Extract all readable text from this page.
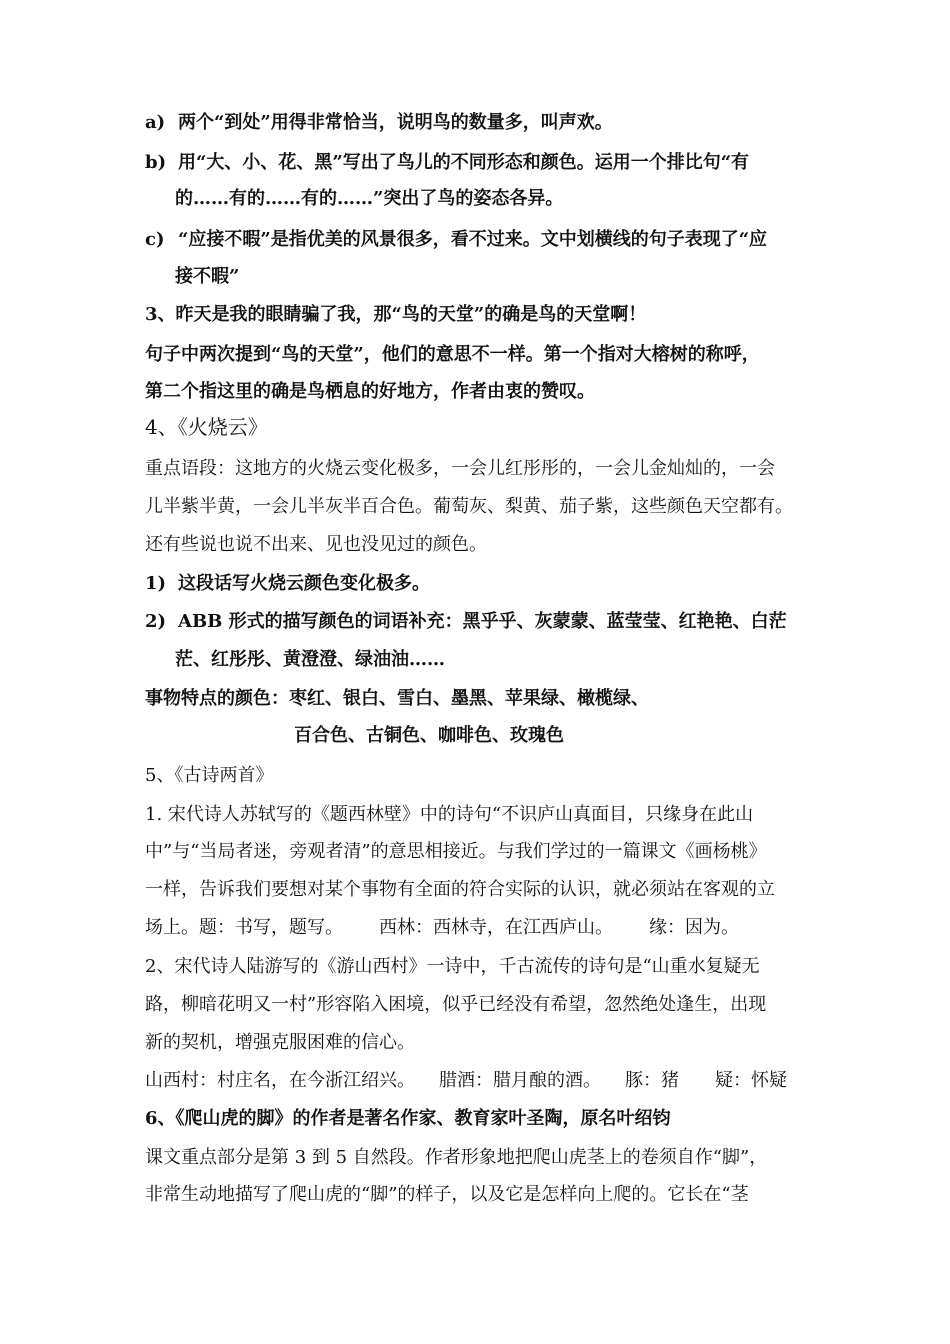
a) 两个“到处”用得非常恰当，说明鸟的数量多，叫声欢。
b) 用“大、小、花、黑”写出了鸟儿的不同形态和颜色。运用一个排比句“有
的……有的……有的……”突出了鸟的姿态各异。
c) “应接不暇”是指优美的风景很多，看不过来。文中划横线的句子表现了“应
接不暇”
3、昨天是我的眼睛骗了我，那“鸟的天堂”的确是鸟的天堂啊！
句子中两次提到“鸟的天堂”，他们的意思不一样。第一个指对大榕树的称呼，
第二个指这里的确是鸟栖息的好地方，作者由衷的赞叹。
4、《火烧云》
重点语段：这地方的火烧云变化极多，一会儿红彤彤的，一会儿金灿灿的，一会
儿半紫半黄，一会儿半灰半百合色。葡萄灰、梨黄、茄子紫，这些颜色天空都有。
还有些说也说不出来、见也没见过的颜色。
1) 这段话写火烧云颜色变化极多。
2) ABB 形式的描写颜色的词语补充：黑乎乎、灰蒙蒙、蓝莹莹、红艳艳、白茫
茫、红彤彤、黄澄澄、绿油油……
事物特点的颜色：枣红、银白、雪白、墨黑、苹果绿、橄榄绿、
百合色、古铜色、咖啡色、玫瑰色
5、《古诗两首》
1. 宋代诗人苏轼写的《题西林壁》中的诗句“不识庐山真面目，只缘身在此山
中”与“当局者迷，旁观者清”的意思相接近。与我们学过的一篇课文《画杨桃》
一样，告诉我们要想对某个事物有全面的符合实际的认识，就必须站在客观的立
场上。题：书写，题写。 西林：西林寺，在江西庐山。 缘：因为。
2、宋代诗人陆游写的《游山西村》一诗中，千古流传的诗句是“山重水复疑无
路，柳暗花明又一村”形容陷入困境，似乎已经没有希望，忽然绝处逢生，出现
新的契机，增强克服困难的信心。
山西村：村庄名，在今浙江绍兴。 腊酒：腊月酿的酒。 豚：猪 疑：怀疑
6、《爬山虎的脚》的作者是著名作家、教育家叶圣陶，原名叶绍钧
课文重点部分是第 3 到 5 自然段。作者形象地把爬山虎茎上的卷须自作“脚”，
非常生动地描写了爬山虎的“脚”的样子，以及它是怎样向上爬的。它长在“茎
